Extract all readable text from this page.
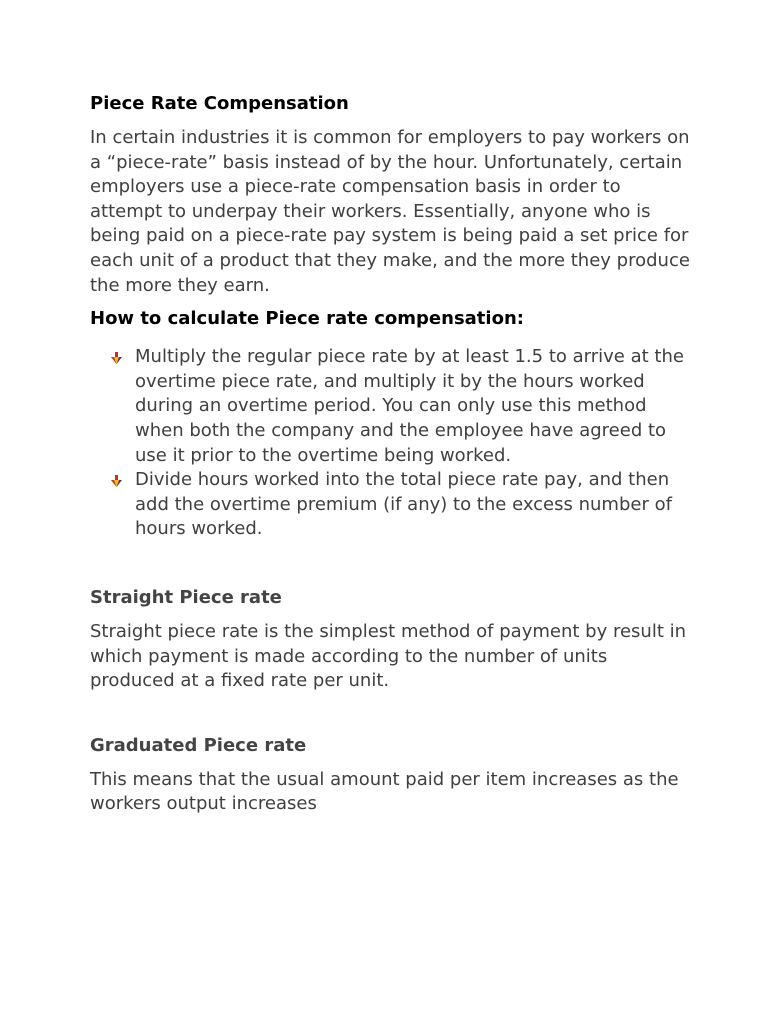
Piece Rate Compensation

In certain industries it is common for employers to pay workers on a “piece-rate” basis instead of by the hour. Unfortunately, certain employers use a piece-rate compensation basis in order to attempt to underpay their workers. Essentially, anyone who is being paid on a piece-rate pay system is being paid a set price for each unit of a product that they make, and the more they produce the more they earn.

How to calculate Piece rate compensation:
Multiply the regular piece rate by at least 1.5 to arrive at the overtime piece rate, and multiply it by the hours worked during an overtime period. You can only use this method when both the company and the employee have agreed to use it prior to the overtime being worked.
Divide hours worked into the total piece rate pay, and then add the overtime premium (if any) to the excess number of hours worked.
Straight Piece rate

Straight piece rate is the simplest method of payment by result in which payment is made according to the number of units produced at a fixed rate per unit.

Graduated Piece rate

This means that the usual amount paid per item increases as the workers output increases
